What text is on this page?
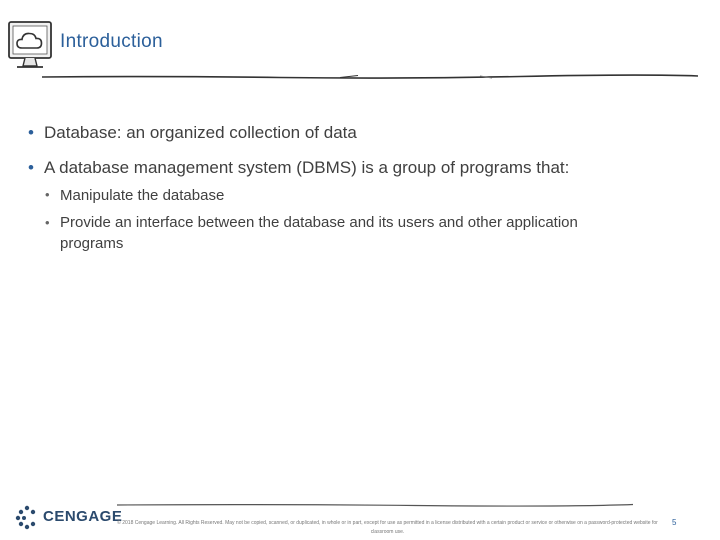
Introduction
• Database: an organized collection of data
• A database management system (DBMS) is a group of programs that:
• Manipulate the database
• Provide an interface between the database and its users and other application programs
CENGAGE
© 2018 Cengage Learning. All Rights Reserved. May not be copied, scanned, or duplicated, in whole or in part, except for use as permitted in a license distributed with a certain product or service or otherwise on a password-protected website for classroom use.
5
